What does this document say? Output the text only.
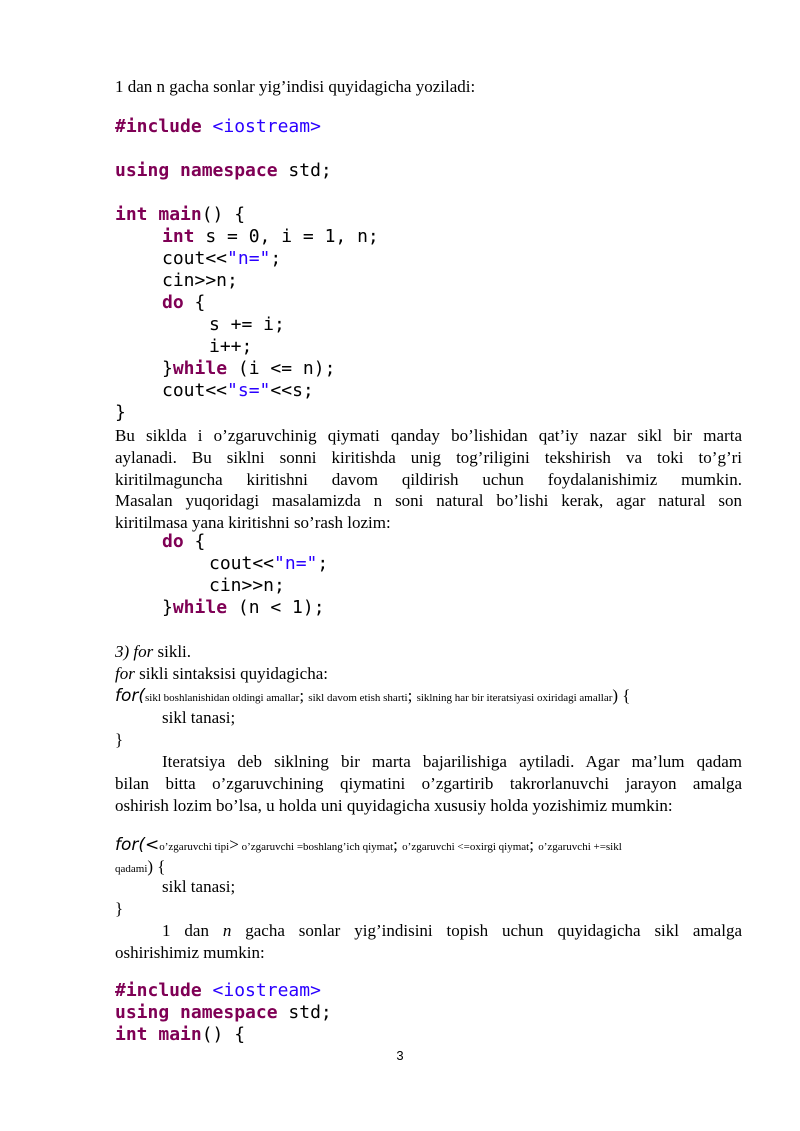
1 dan n gacha sonlar yig’indisi quyidagicha yoziladi:
#include <iostream>
using namespace std;
int main() {
int s = 0, i = 1, n;
cout<<"n=";
cin>>n;
do {
s += i;
i++;
}while (i <= n);
cout<<"s="<<s;
}
Bu siklda i o’zgaruvchinig qiymati qanday bo’lishidan qat’iy nazar sikl bir marta
aylanadi. Bu siklni sonni kiritishda unig tog’riligini tekshirish va toki to’g’ri
kiritilmaguncha kiritishni davom qildirish uchun foydalanishimiz mumkin.
Masalan yuqoridagi masalamizda n soni natural bo’lishi kerak, agar natural son
kiritilmasa yana kiritishni so’rash lozim:
do {
cout<<"n=";
cin>>n;
}while (n < 1);
3) for sikli.
for sikli sintaksisi quyidagicha:
for(sikl boshlanishidan oldingi amallar; sikl davom etish sharti; siklning har bir iteratsiyasi oxiridagi amallar) {
sikl tanasi;
}
Iteratsiya deb siklning bir marta bajarilishiga aytiladi. Agar ma’lum qadam
bilan bitta o’zgaruvchining qiymatini o’zgartirib takrorlanuvchi jarayon amalga
oshirish lozim bo’lsa, u holda uni quyidagicha xususiy holda yozishimiz mumkin:
for(<o’zgaruvchi tipi> o’zgaruvchi =boshlang’ich qiymat; o’zgaruvchi <=oxirgi qiymat; o’zgaruvchi +=sikl
qadami) {
sikl tanasi;
}
1 dan n gacha sonlar yig’indisini topish uchun quyidagicha sikl amalga
oshirishimiz mumkin:
#include <iostream>
using namespace std;
int main() {
3
